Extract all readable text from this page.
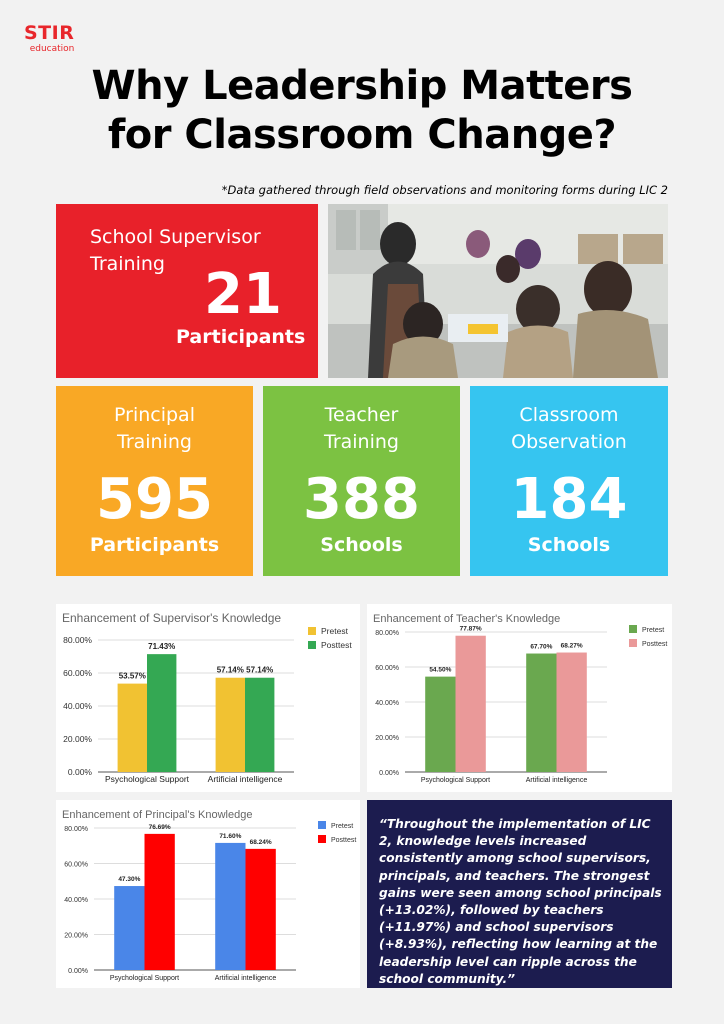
STIR
education
Why Leadership Matters
for Classroom Change?
*Data gathered through field observations and monitoring forms during LIC 2
School Supervisor
Training 21
Participants
Principal
Training
595
Participants
Teacher
Training
388
Schools
Classroom
Observation
184
Schools
Enhancement of Supervisor's Knowledge
0.00%
20.00%
40.00%
60.00%
80.00%
53.57%
71.43%
Psychological Support
57.14% 57.14%
Artificial intelligence
Pretest
Posttest
Enhancement of Teacher's Knowledge
0.00%
20.00%
40.00%
60.00%
80.00%
54.50%
77.87%
Psychological Support
67.70% 68.27%
Artificial intelligence
Pretest
Posttest
Enhancement of Principal's Knowledge
0.00%
20.00%
40.00%
60.00%
80.00%
47.30%
76.69%
Psychological Support
71.60%
68.24%
Artificial intelligence
Pretest
Posttest
“Throughout the implementation of LIC 2, knowledge levels increased consistently among school supervisors, principals, and teachers. The strongest gains were seen among school principals (+13.02%), followed by teachers (+11.97%) and school supervisors (+8.93%), reflecting how learning at the leadership level can ripple across the school community.”
